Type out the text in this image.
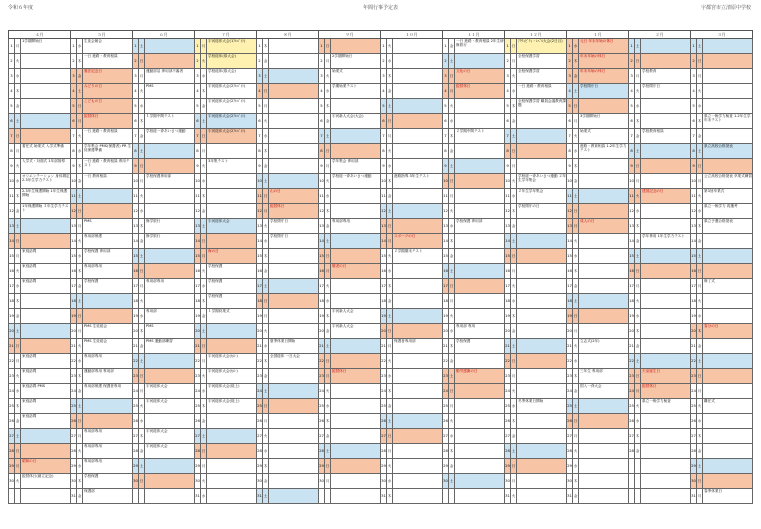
令和６年度	年間行事予定表	宇都宮市立清原中学校
４月			５月			６月			７月			８月			９月			１０月			１１月			１２月			１月			２月			３月		
1	月	1学期開始日	1	水	生徒会朝会	1	土		1	月	宇河総体大会(1ｱﾙﾊﾞｲﾄ)	1	木		1	日		1	火		1	金	一日 進路・教育相談 2年生研修旅行	1	日	ｱｸﾃｨﾋﾞﾃｨ・ﾚﾍﾞﾙ大会(2日目)	1	水	元日 年末年始の休日	1	土		1	土	
2	火		2	木	一日 進路・教育相談	2	日		2	火	学校総体(県大会)	2	金		2	月	2学期開始日	2	水		2	土		2	月	全校保護学習	2	木	年末年始の休日	2	日		2	日	
3	水		3	金	憲法記念日	3	月	運動部活 専用部不審者	3	水	学校総体(県大会)	3	土		3	火	始業式	3	木		3	日	文化の日	3	火	全校保護学習	3	金	年末年始の休日	3	月	学校教育	3	月	
4	木		4	土	みどりの日	4	火	PMS	4	木	宇河総体大会(2ｱﾙﾊﾞｲﾄ)	4	日		4	水	学期始業テスト	4	金		4	月	振替休日	4	水	一日 進路・教育相談	4	土	学校閉庁日	4	火	学校閉庁日	4	火	
5	金		5	日	こどもの日	5	水		5	金	宇河総体大会(2ｱﾙﾊﾞｲﾄ)	5	月		5	木		5	土		5	火		5	木	全校保護学習 職員会議教育課題	5	日		5	水		5	水	
6	土		6	月	振替休日	6	木	１学期中間テスト	6	土	宇河総体大会(2ｱﾙﾊﾞｲﾄ)	6	火		6	金	宇河新人大会(大会)	6	日		6	水		6	金		6	月	3学期開始日	6	木		6	木	県立一般学力検査 1.2年生学年末テスト
7	日		7	火	一日 進路・教育相談	7	金	学校総一斉あいさつ運動	7	日	宇河総体大会(2ｱﾙﾊﾞｲﾄ)	7	水		7	土		7	月		7	木	２学期中間テスト	7	土		7	火	始業式	7	金	学校教育相談	7	金	
8	月	着任式 始業式 入学式準備	8	水	学年集会 PMS(保護者) PR 生徒保護準備	8	土		8	月		8	木		8	日		8	火		8	金		8	日		8	水	進路・教育相談 1.2年生学力テスト	8	土		8	土	県立高校合格発表
9	火	入学式・対面式 1年部指導	9	木	一日 進路・教育相談 専用テスト	9	日		9	火	3年集テスト	9	金		9	月	学年集会 専用部	9	水		9	土		9	月		9	木		9	日		9	日	
10	水	オリエンテーション 身体測定 2.3年生学力テスト	10	金	一日 教育相談	10	月	学校保護専用部	10	水		10	土		10	火	学校総一斉あいさつ運動	10	木	進路指導 3年生テスト	10	日		10	火	学校総一斉あいさつ運動 ２年生学年集会	10	金		10	月		10	月	公立高校合格発表 卒業式練習
11	木	2.3年生保護開始 1年生保護開始	11	土		11	火		11	木		11	日	山の日	11	水		11	金		11	月		11	水	２年生学年集会	11	土		11	火	建国記念の日	11	火	第3回卒業式
12	金	1年保護開始 ３年生学力テスト	12	日		12	水		12	金		12	月	振替休日	12	木		12	土		12	火		12	木	学校閉庁の日	12	日		12	水		12	水	県立一般学力 再選考
13	土		13	月	PMS	13	木	修学旅行	13	土	宇河総体大会	13	火	学校閉庁日	13	金	専用部専用	13	日		13	水	学校保護 専用部	13	金		13	月	成人の日	13	木		13	木	県立予選合格発表
14	日		14	火	専用部保護	14	金	修学旅行	14	日		14	水	学校閉庁日	14	土		14	月	スポーツの日	14	木		14	土		14	火		14	金	学年専用 1年生学力テスト	14	金	
15	月	家庭訪問	15	水	学校保護 専用部	15	土		15	月	海の日	15	木		15	日		15	火	２学期期末テスト	15	金		15	日		15	水		15	土		15	土	
16	火	家庭訪問	16	木	専用部専用	16	日		16	火	学校保護	16	金		16	月	敬老の日	16	水		16	土		16	月		16	木		16	日		16	日	
17	水	家庭訪問	17	金	学校保護	17	月	専用部専用	17	水	学校保護	17	土		17	火		17	木		17	日		17	火		17	金		17	月		17	月	修了式
18	木		18	土		18	火		18	木	学校保護	18	日		18	水		18	金		18	月		18	水		18	土		18	火		18	火	
19	金		19	日		19	水	専用部	19	金	１学期終業式	19	月		19	木	宇河新人大会	19	土		19	火		19	木		19	日		19	水		19	水	
20	土		20	月	PMS 生徒総会	20	木	PMS	20	土		20	火		20	金	宇河新人大会	20	日		20	水	専用部 専用	20	金		20	月		20	木		20	木	春分の日
21	日		21	火	PMS 生徒総会	21	金	PMS 運動部練習	21	日		21	水	夏季休業日開始	21	土		21	月	保護者専用部	21	木	学校保護	21	土		21	火	立志式(2年)	21	金		21	金	
22	月	家庭訪問	22	水	専用部専用	22	土		22	月	宇河総体大会(ｶﾇｰ)	22	木	全国総体 一日大会	22	日		22	火		22	金		22	日		22	水		22	土		22	土	
23	火	家庭訪問	23	木	運動部専用 専用部	23	日		23	火	宇河総体大会(ｶﾇｰ)	23	金		23	月	振替休日	23	水		23	土	勤労感謝の日	23	月		23	木	三年生 専用部	23	日	天皇誕生日	23	日	
24	水	家庭訪問 PMS	24	金	専用部保護 保護者専用	24	月	宇河総体大会	24	水	宇河総体大会(陸上)	24	土		24	火		24	木		24	日		24	火		24	金	国入一斉大会	24	月	振替休日	24	月	
25	木	家庭訪問	25	土		25	火	宇河総体大会	25	木	宇河総体大会(陸上)	25	日		25	水		25	金		25	月		25	水	冬季休業日開始	25	土		25	火	県立一般学力検査	25	火	離任式
26	金	家庭訪問	26	日		26	水		26	金		26	月		26	木		26	土		26	火		26	木		26	日		26	水		26	水	
27	土		27	月	専用部専用	27	木	宇河総体大会	27	土		27	火		27	金		27	日		27	水		27	金		27	月		27	木		27	木	
28	日		28	火	専用部専用	28	金	宇河総体大会	28	日		28	水		28	土		28	月		28	木		28	土		28	火		28	金		28	金	
29	月	昭和の日	29	水	専用部専用	29	土		29	月		29	木		29	日		29	火		29	金		29	日		29	水					29	土	
30	火	振替休日(創立記念)	30	木	学校保護	30	日		30	火		30	金		30	月		30	水		30	土		30	月		30	木					30	日	
			31	金	保護部				31	水		31	土					31	木					31	火		31	金					31	月	春季休業日
